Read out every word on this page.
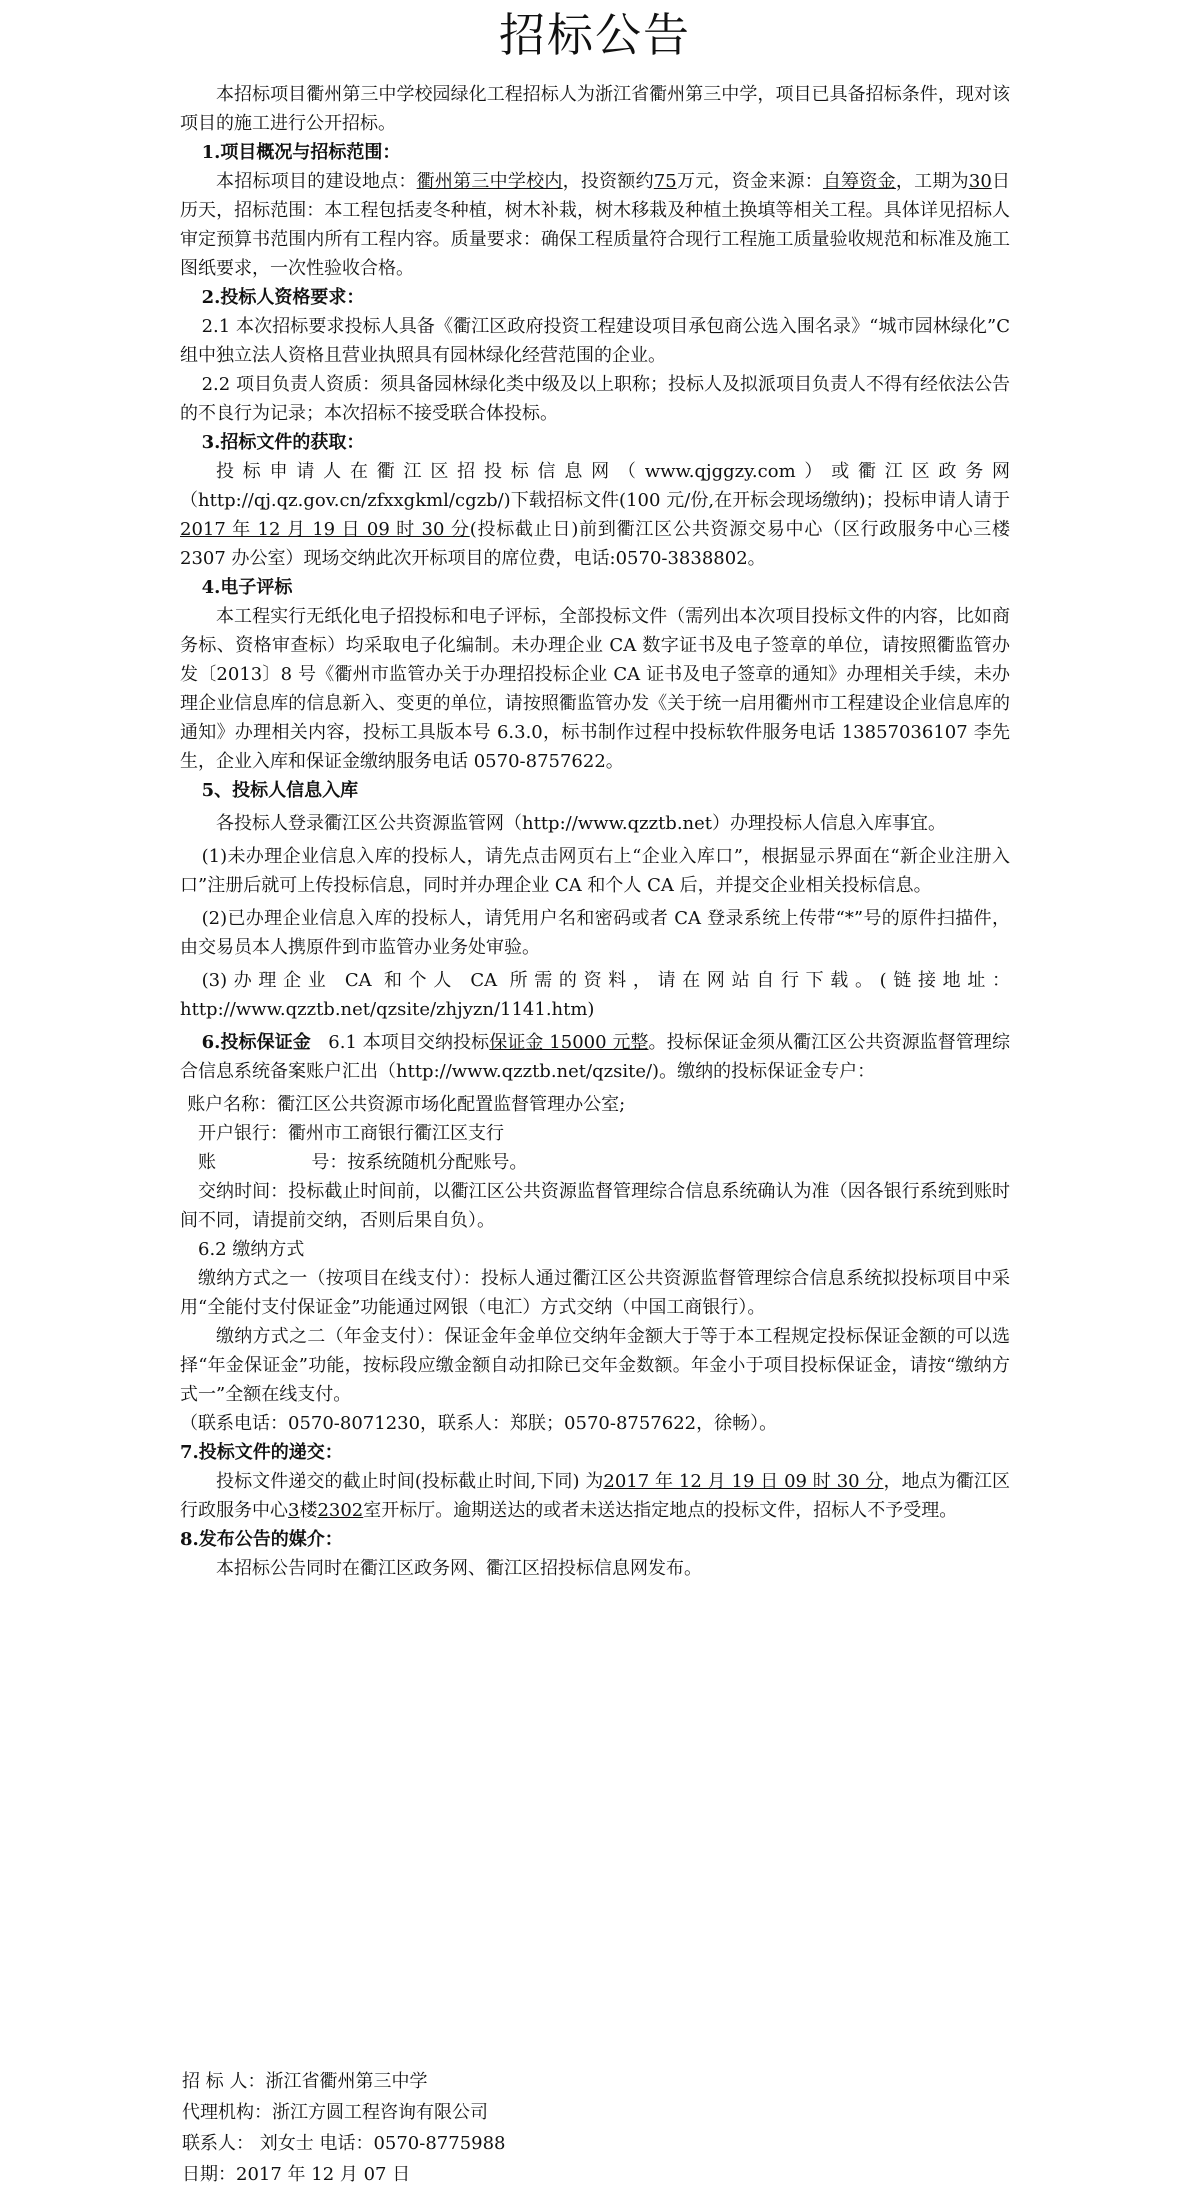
招标公告

本招标项目衢州第三中学校园绿化工程招标人为浙江省衢州第三中学，项目已具备招标条件，现对该项目的施工进行公开招标。

1.项目概况与招标范围：

本招标项目的建设地点：衢州第三中学校内，投资额约75万元，资金来源：自筹资金，工期为30日历天，招标范围：本工程包括麦冬种植，树木补栽，树木移栽及种植土换填等相关工程。具体详见招标人审定预算书范围内所有工程内容。质量要求：确保工程质量符合现行工程施工质量验收规范和标准及施工图纸要求，一次性验收合格。

2.投标人资格要求：

2.1 本次招标要求投标人具备《衢江区政府投资工程建设项目承包商公选入围名录》“城市园林绿化”C 组中独立法人资格且营业执照具有园林绿化经营范围的企业。

2.2 项目负责人资质：须具备园林绿化类中级及以上职称；投标人及拟派项目负责人不得有经依法公告的不良行为记录；本次招标不接受联合体投标。

3.招标文件的获取：

投标申请人在衢江区招投标信息网（www.qjggzy.com）或衢江区政务网（http://qj.qz.gov.cn/zfxxgkml/cgzb/)下载招标文件(100 元/份,在开标会现场缴纳)；投标申请人请于2017 年 12 月 19 日 09 时 30 分(投标截止日)前到衢江区公共资源交易中心（区行政服务中心三楼 2307 办公室）现场交纳此次开标项目的席位费，电话:0570-3838802。

4.电子评标

本工程实行无纸化电子招投标和电子评标，全部投标文件（需列出本次项目投标文件的内容，比如商务标、资格审查标）均采取电子化编制。未办理企业 CA 数字证书及电子签章的单位，请按照衢监管办发〔2013〕8 号《衢州市监管办关于办理招投标企业 CA 证书及电子签章的通知》办理相关手续，未办理企业信息库的信息新入、变更的单位，请按照衢监管办发《关于统一启用衢州市工程建设企业信息库的通知》办理相关内容，投标工具版本号 6.3.0，标书制作过程中投标软件服务电话 13857036107 李先生，企业入库和保证金缴纳服务电话 0570-8757622。

5、投标人信息入库

各投标人登录衢江区公共资源监管网（http://www.qzztb.net）办理投标人信息入库事宜。

(1)未办理企业信息入库的投标人，请先点击网页右上“企业入库口”，根据显示界面在“新企业注册入口”注册后就可上传投标信息，同时并办理企业 CA 和个人 CA 后，并提交企业相关投标信息。

(2)已办理企业信息入库的投标人，请凭用户名和密码或者 CA 登录系统上传带“*”号的原件扫描件，由交易员本人携原件到市监管办业务处审验。

(3)办理企业 CA 和个人 CA 所需的资料，请在网站自行下载。(链接地址：http://www.qzztb.net/qzsite/zhjyzn/1141.htm)

6.投标保证金 6.1 本项目交纳投标保证金 15000 元整。投标保证金须从衢江区公共资源监督管理综合信息系统备案账户汇出（http://www.qzztb.net/qzsite/)。缴纳的投标保证金专户：

账户名称：衢江区公共资源市场化配置监督管理办公室;

开户银行：衢州市工商银行衢江区支行

账	号：按系统随机分配账号。

交纳时间：投标截止时间前，以衢江区公共资源监督管理综合信息系统确认为准（因各银行系统到账时间不同，请提前交纳，否则后果自负）。

6.2 缴纳方式

缴纳方式之一（按项目在线支付）：投标人通过衢江区公共资源监督管理综合信息系统拟投标项目中采用“全能付支付保证金”功能通过网银（电汇）方式交纳（中国工商银行）。

缴纳方式之二（年金支付）：保证金年金单位交纳年金额大于等于本工程规定投标保证金额的可以选择“年金保证金”功能，按标段应缴金额自动扣除已交年金数额。年金小于项目投标保证金，请按“缴纳方式一”全额在线支付。

（联系电话：0570-8071230，联系人：郑朕；0570-8757622，徐畅）。

7.投标文件的递交：

投标文件递交的截止时间(投标截止时间,下同) 为2017 年 12 月 19 日 09 时 30 分，地点为衢江区行政服务中心3楼2302室开标厅。逾期送达的或者未送达指定地点的投标文件，招标人不予受理。

8.发布公告的媒介：

本招标公告同时在衢江区政务网、衢江区招投标信息网发布。

招 标 人：浙江省衢州第三中学

代理机构：浙江方圆工程咨询有限公司

联系人： 刘女士 电话：0570-8775988

日期：2017 年 12 月 07 日
